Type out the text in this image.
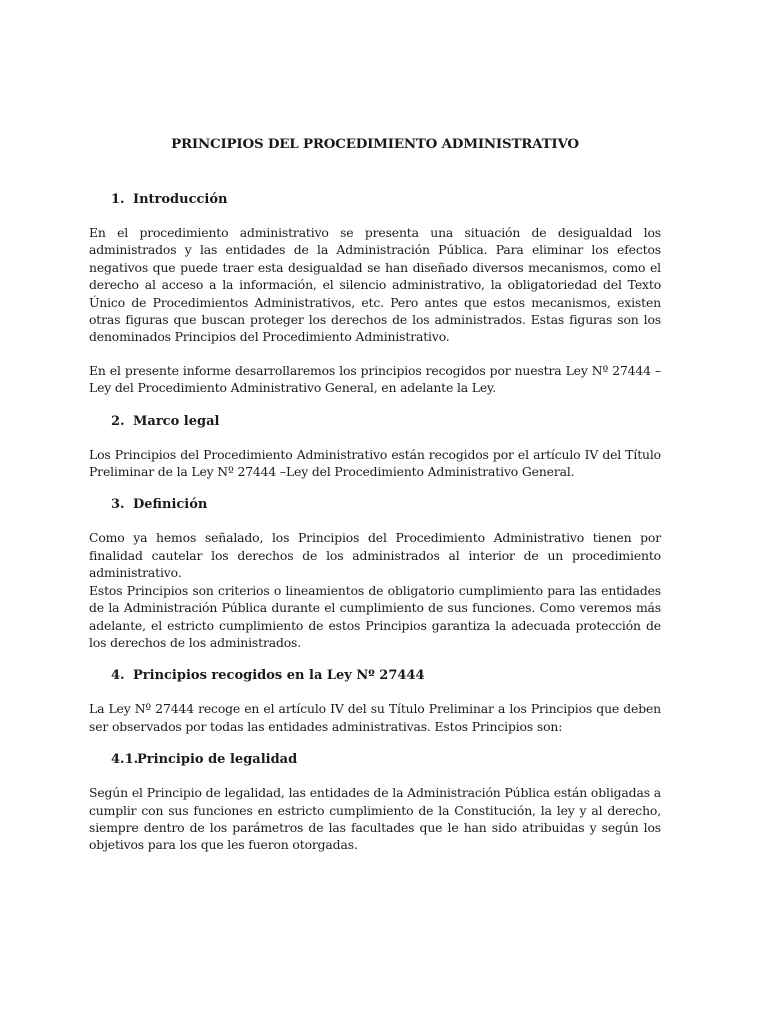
PRINCIPIOS DEL PROCEDIMIENTO ADMINISTRATIVO
1. Introducción

En el procedimiento administrativo se presenta una situación de desigualdad los administrados y las entidades de la Administración Pública. Para eliminar los efectos negativos que puede traer esta desigualdad se han diseñado diversos mecanismos, como el derecho al acceso a la información, el silencio administrativo, la obligatoriedad del Texto Único de Procedimientos Administrativos, etc. Pero antes que estos mecanismos, existen otras figuras que buscan proteger los derechos de los administrados. Estas figuras son los denominados Principios del Procedimiento Administrativo.

En el presente informe desarrollaremos los principios recogidos por nuestra Ley Nº 27444 – Ley del Procedimiento Administrativo General, en adelante la Ley.

2. Marco legal

Los Principios del Procedimiento Administrativo están recogidos por el artículo IV del Título Preliminar de la Ley Nº 27444 –Ley del Procedimiento Administrativo General.

3. Definición

Como ya hemos señalado, los Principios del Procedimiento Administrativo tienen por finalidad cautelar los derechos de los administrados al interior de un procedimiento administrativo.

Estos Principios son criterios o lineamientos de obligatorio cumplimiento para las entidades de la Administración Pública durante el cumplimiento de sus funciones. Como veremos más adelante, el estricto cumplimiento de estos Principios garantiza la adecuada protección de los derechos de los administrados.

4. Principios recogidos en la Ley Nº 27444

La Ley Nº 27444 recoge en el artículo IV del su Título Preliminar a los Principios que deben ser observados por todas las entidades administrativas. Estos Principios son:

4.1.Principio de legalidad

Según el Principio de legalidad, las entidades de la Administración Pública están obligadas a cumplir con sus funciones en estricto cumplimiento de la Constitución, la ley y al derecho, siempre dentro de los parámetros de las facultades que le han sido atribuidas y según los objetivos para los que les fueron otorgadas.
